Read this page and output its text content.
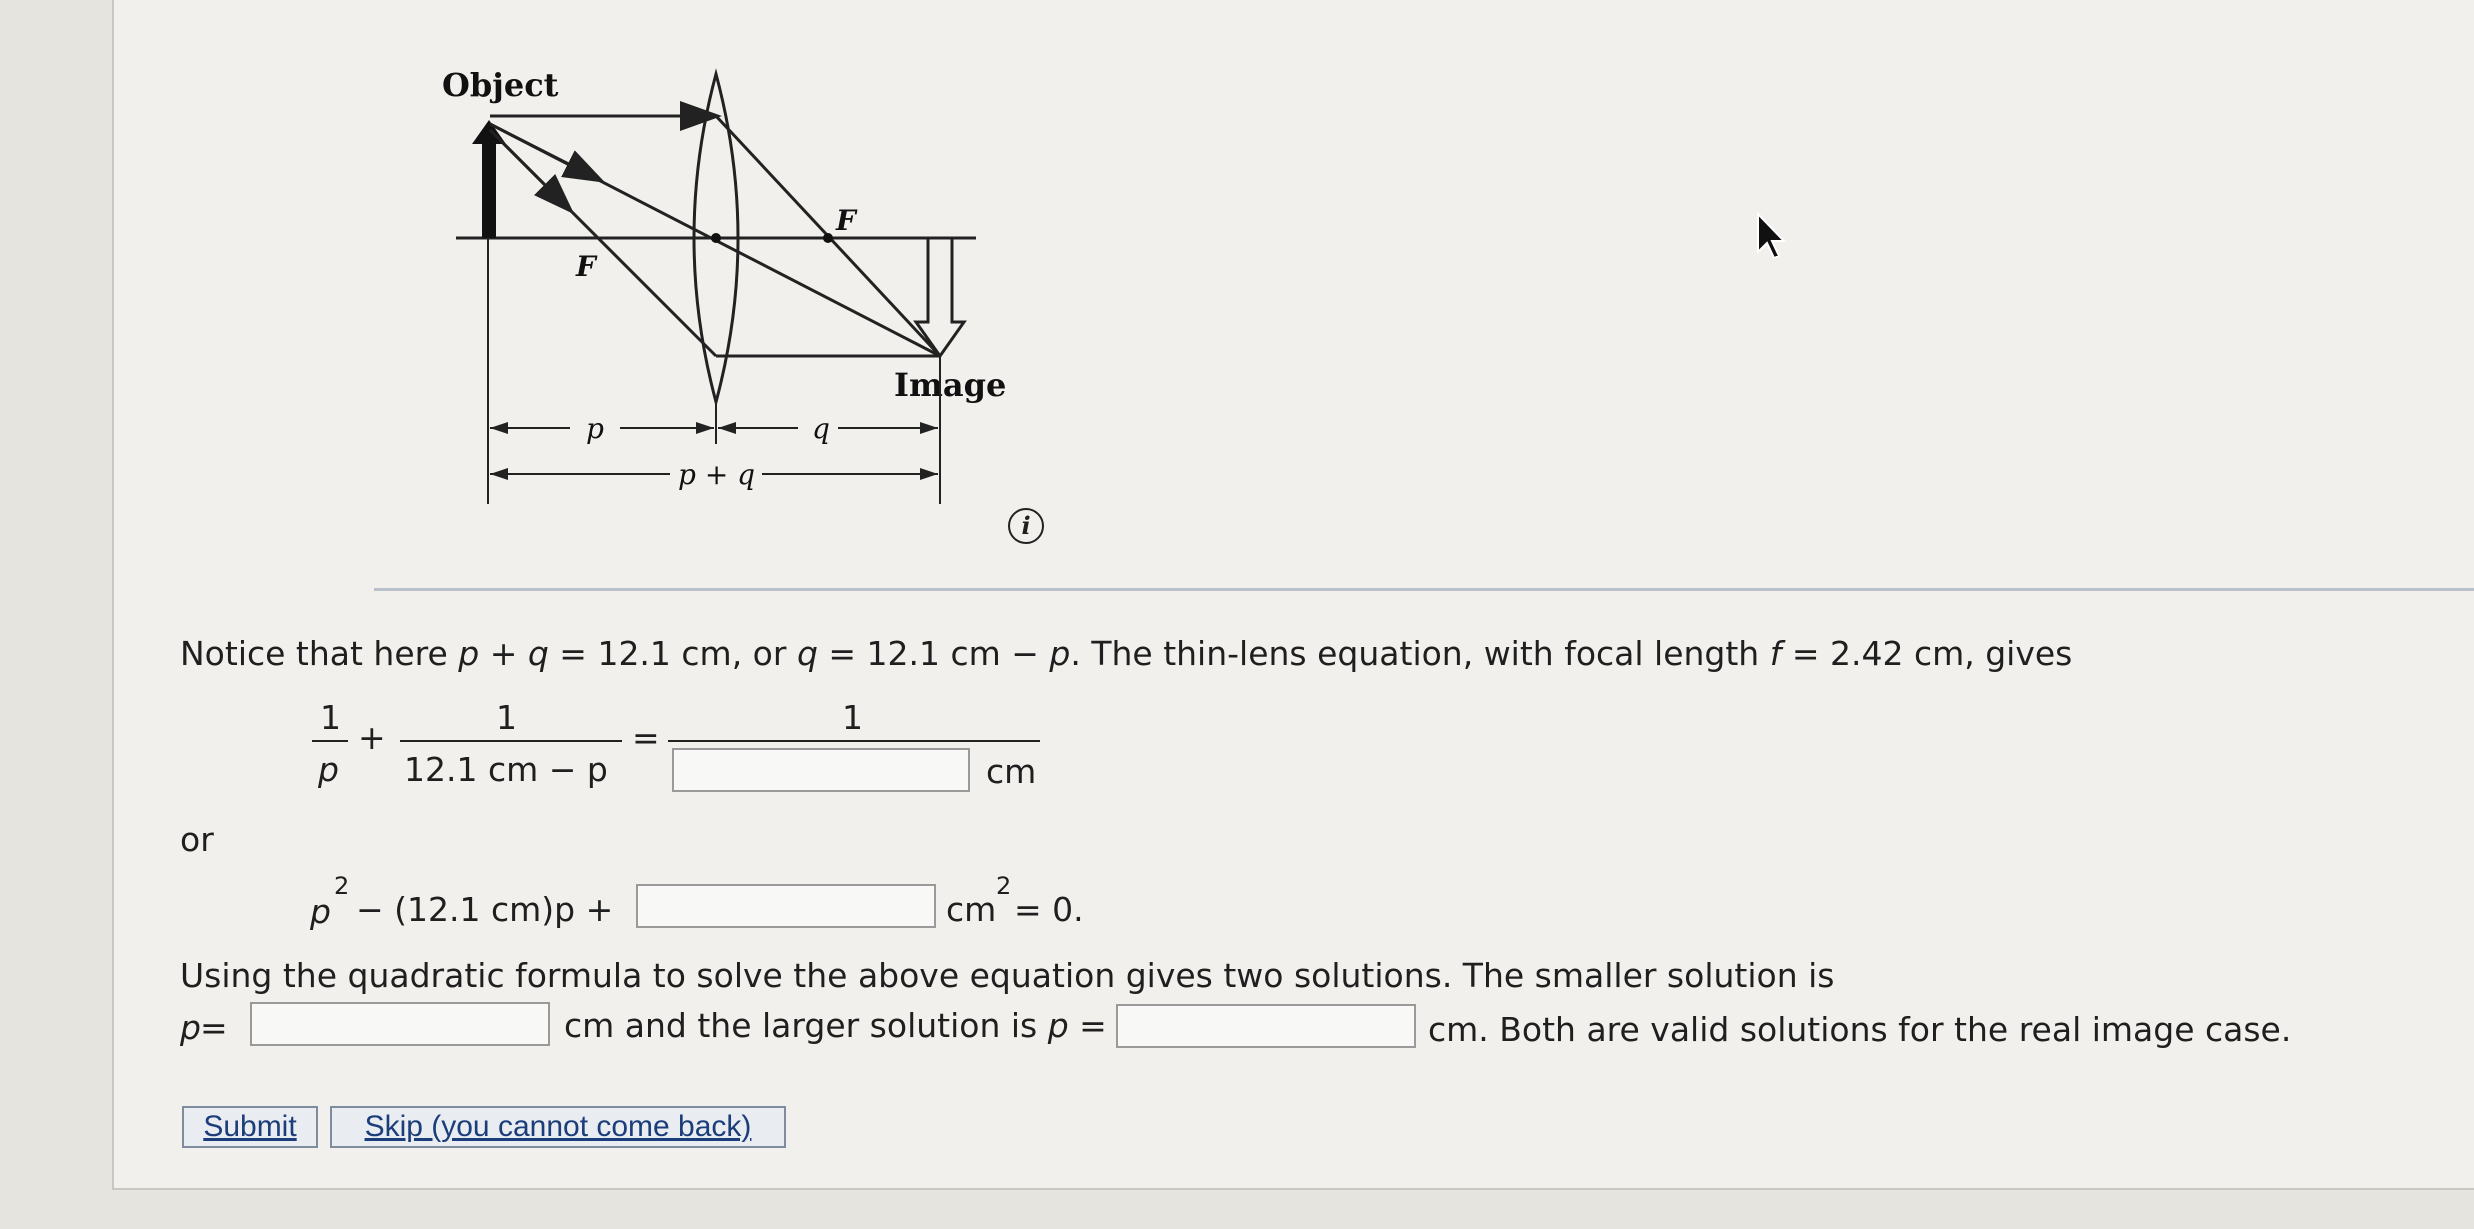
Object
Image
F
F
p	q
p + q
i
Notice that here p + q = 12.1 cm, or q = 12.1 cm − p. The thin-lens equation, with focal length f = 2.42 cm, gives
1
p
+
1
12.1 cm − p
=
1
cm
or
p
2
− (12.1 cm)p +	cm
2
= 0.
Using the quadratic formula to solve the above equation gives two solutions. The smaller solution is
p =	cm and the larger solution is p =	cm. Both are valid solutions for the real image case.
Submit	Skip (you cannot come back)
